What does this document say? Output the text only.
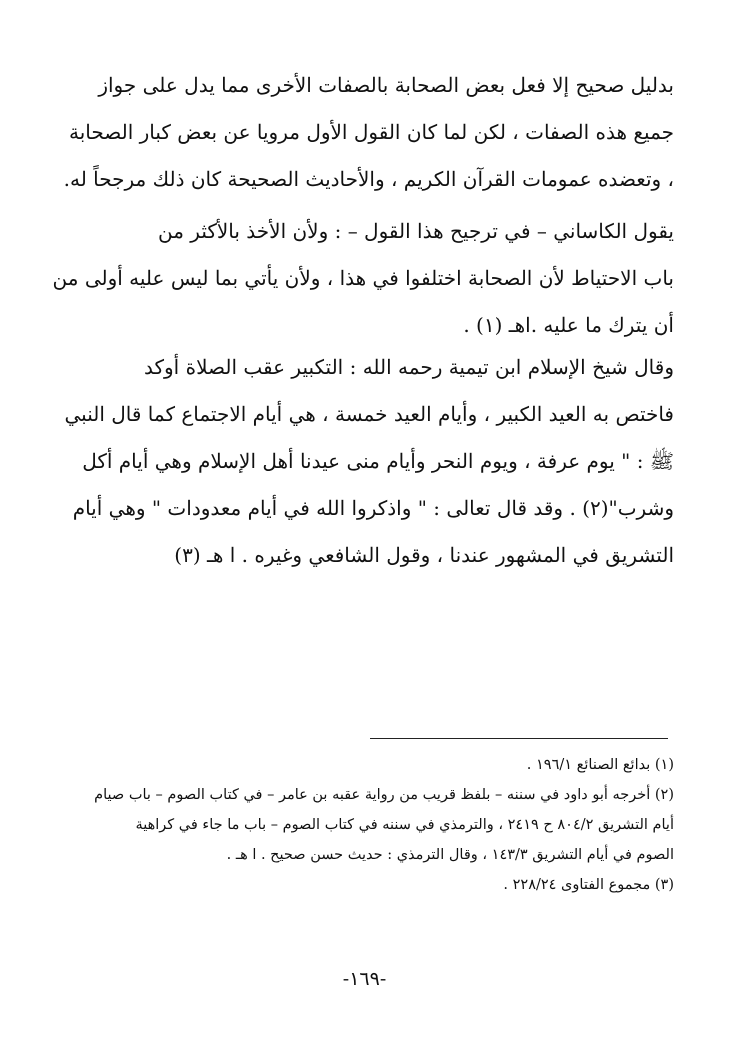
بدليل صحيح إلا فعل بعض الصحابة بالصفات الأخرى مما يدل على جواز
جميع هذه الصفات ، لكن لما كان القول الأول مرويا عن بعض كبار الصحابة
، وتعضده عمومات القرآن الكريم ، والأحاديث الصحيحة كان ذلك مرجحاً له.

يقول الكاساني – في ترجيح هذا القول – : ولأن الأخذ بالأكثر من
باب الاحتياط لأن الصحابة اختلفوا في هذا ، ولأن يأتي بما ليس عليه أولى من
أن يترك ما عليه .اهـ (١) .

وقال شيخ الإسلام ابن تيمية رحمه الله : التكبير عقب الصلاة أوكد
فاختص به العيد الكبير ، وأيام العيد خمسة ، هي أيام الاجتماع كما قال النبي
ﷺ : " يوم عرفة ، ويوم النحر وأيام منى عيدنا أهل الإسلام وهي أيام أكل
وشرب"(٢) . وقد قال تعالى : " واذكروا الله في أيام معدودات " وهي أيام
التشريق في المشهور عندنا ، وقول الشافعي وغيره . ا هـ (٣)

(١) بدائع الصنائع ١٩٦/١ .

(٢) أخرجه أبو داود في سننه – بلفظ قريب من رواية عقبه بن عامر – في كتاب الصوم – باب صيام
أيام التشريق ٨٠٤/٢ ح ٢٤١٩ ، والترمذي في سننه في كتاب الصوم – باب ما جاء في كراهية
الصوم في أيام التشريق ١٤٣/٣ ، وقال الترمذي : حديث حسن صحيح . ا هـ .

(٣) مجموع الفتاوى ٢٢٨/٢٤ .

-١٦٩-
